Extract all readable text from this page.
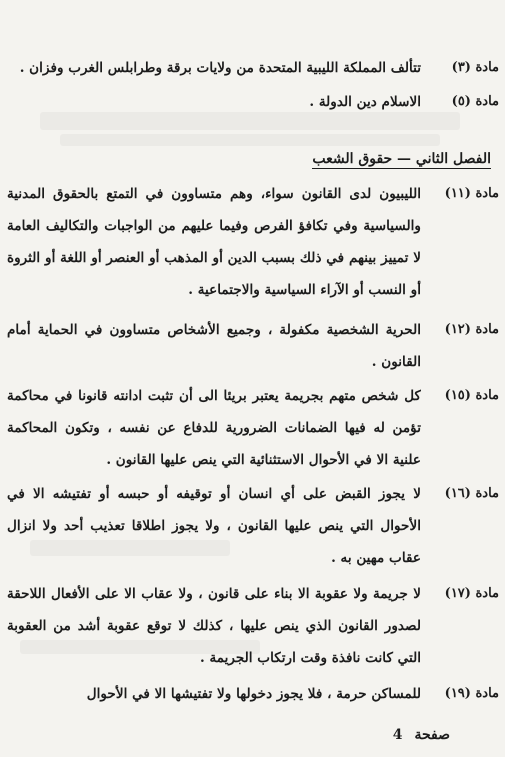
مادة (٣)
تتألف المملكة الليبية المتحدة من ولايات برقة وطرابلس الغرب وفزان .
مادة (٥)
الاسلام دين الدولة .
الفصل الثاني — حقوق الشعب
مادة (١١)
الليبيون لدى القانون سواء، وهم متساوون في التمتع بالحقوق المدنية والسياسية وفي تكافؤ الفرص وفيما عليهم من الواجبات والتكاليف العامة لا تمييز بينهم في ذلك بسبب الدين أو المذهب أو العنصر أو اللغة أو الثروة أو النسب أو الآراء السياسية والاجتماعية .
مادة (١٢)
الحرية الشخصية مكفولة ، وجميع الأشخاص متساوون في الحماية أمام القانون .
مادة (١٥)
كل شخص متهم بجريمة يعتبر بريئا الى أن تثبت ادانته قانونا في محاكمة تؤمن له فيها الضمانات الضرورية للدفاع عن نفسه ، وتكون المحاكمة علنية الا في الأحوال الاستثنائية التي ينص عليها القانون .
مادة (١٦)
لا يجوز القبض على أي انسان أو توقيفه أو حبسه أو تفتيشه الا في الأحوال التي ينص عليها القانون ، ولا يجوز اطلاقا تعذيب أحد ولا انزال عقاب مهين به .
مادة (١٧)
لا جريمة ولا عقوبة الا بناء على قانون ، ولا عقاب الا على الأفعال اللاحقة لصدور القانون الذي ينص عليها ، كذلك لا توقع عقوبة أشد من العقوبة التي كانت نافذة وقت ارتكاب الجريمة .
مادة (١٩)
للمساكن حرمة ، فلا يجوز دخولها ولا تفتيشها الا في الأحوال
صفحة
4
